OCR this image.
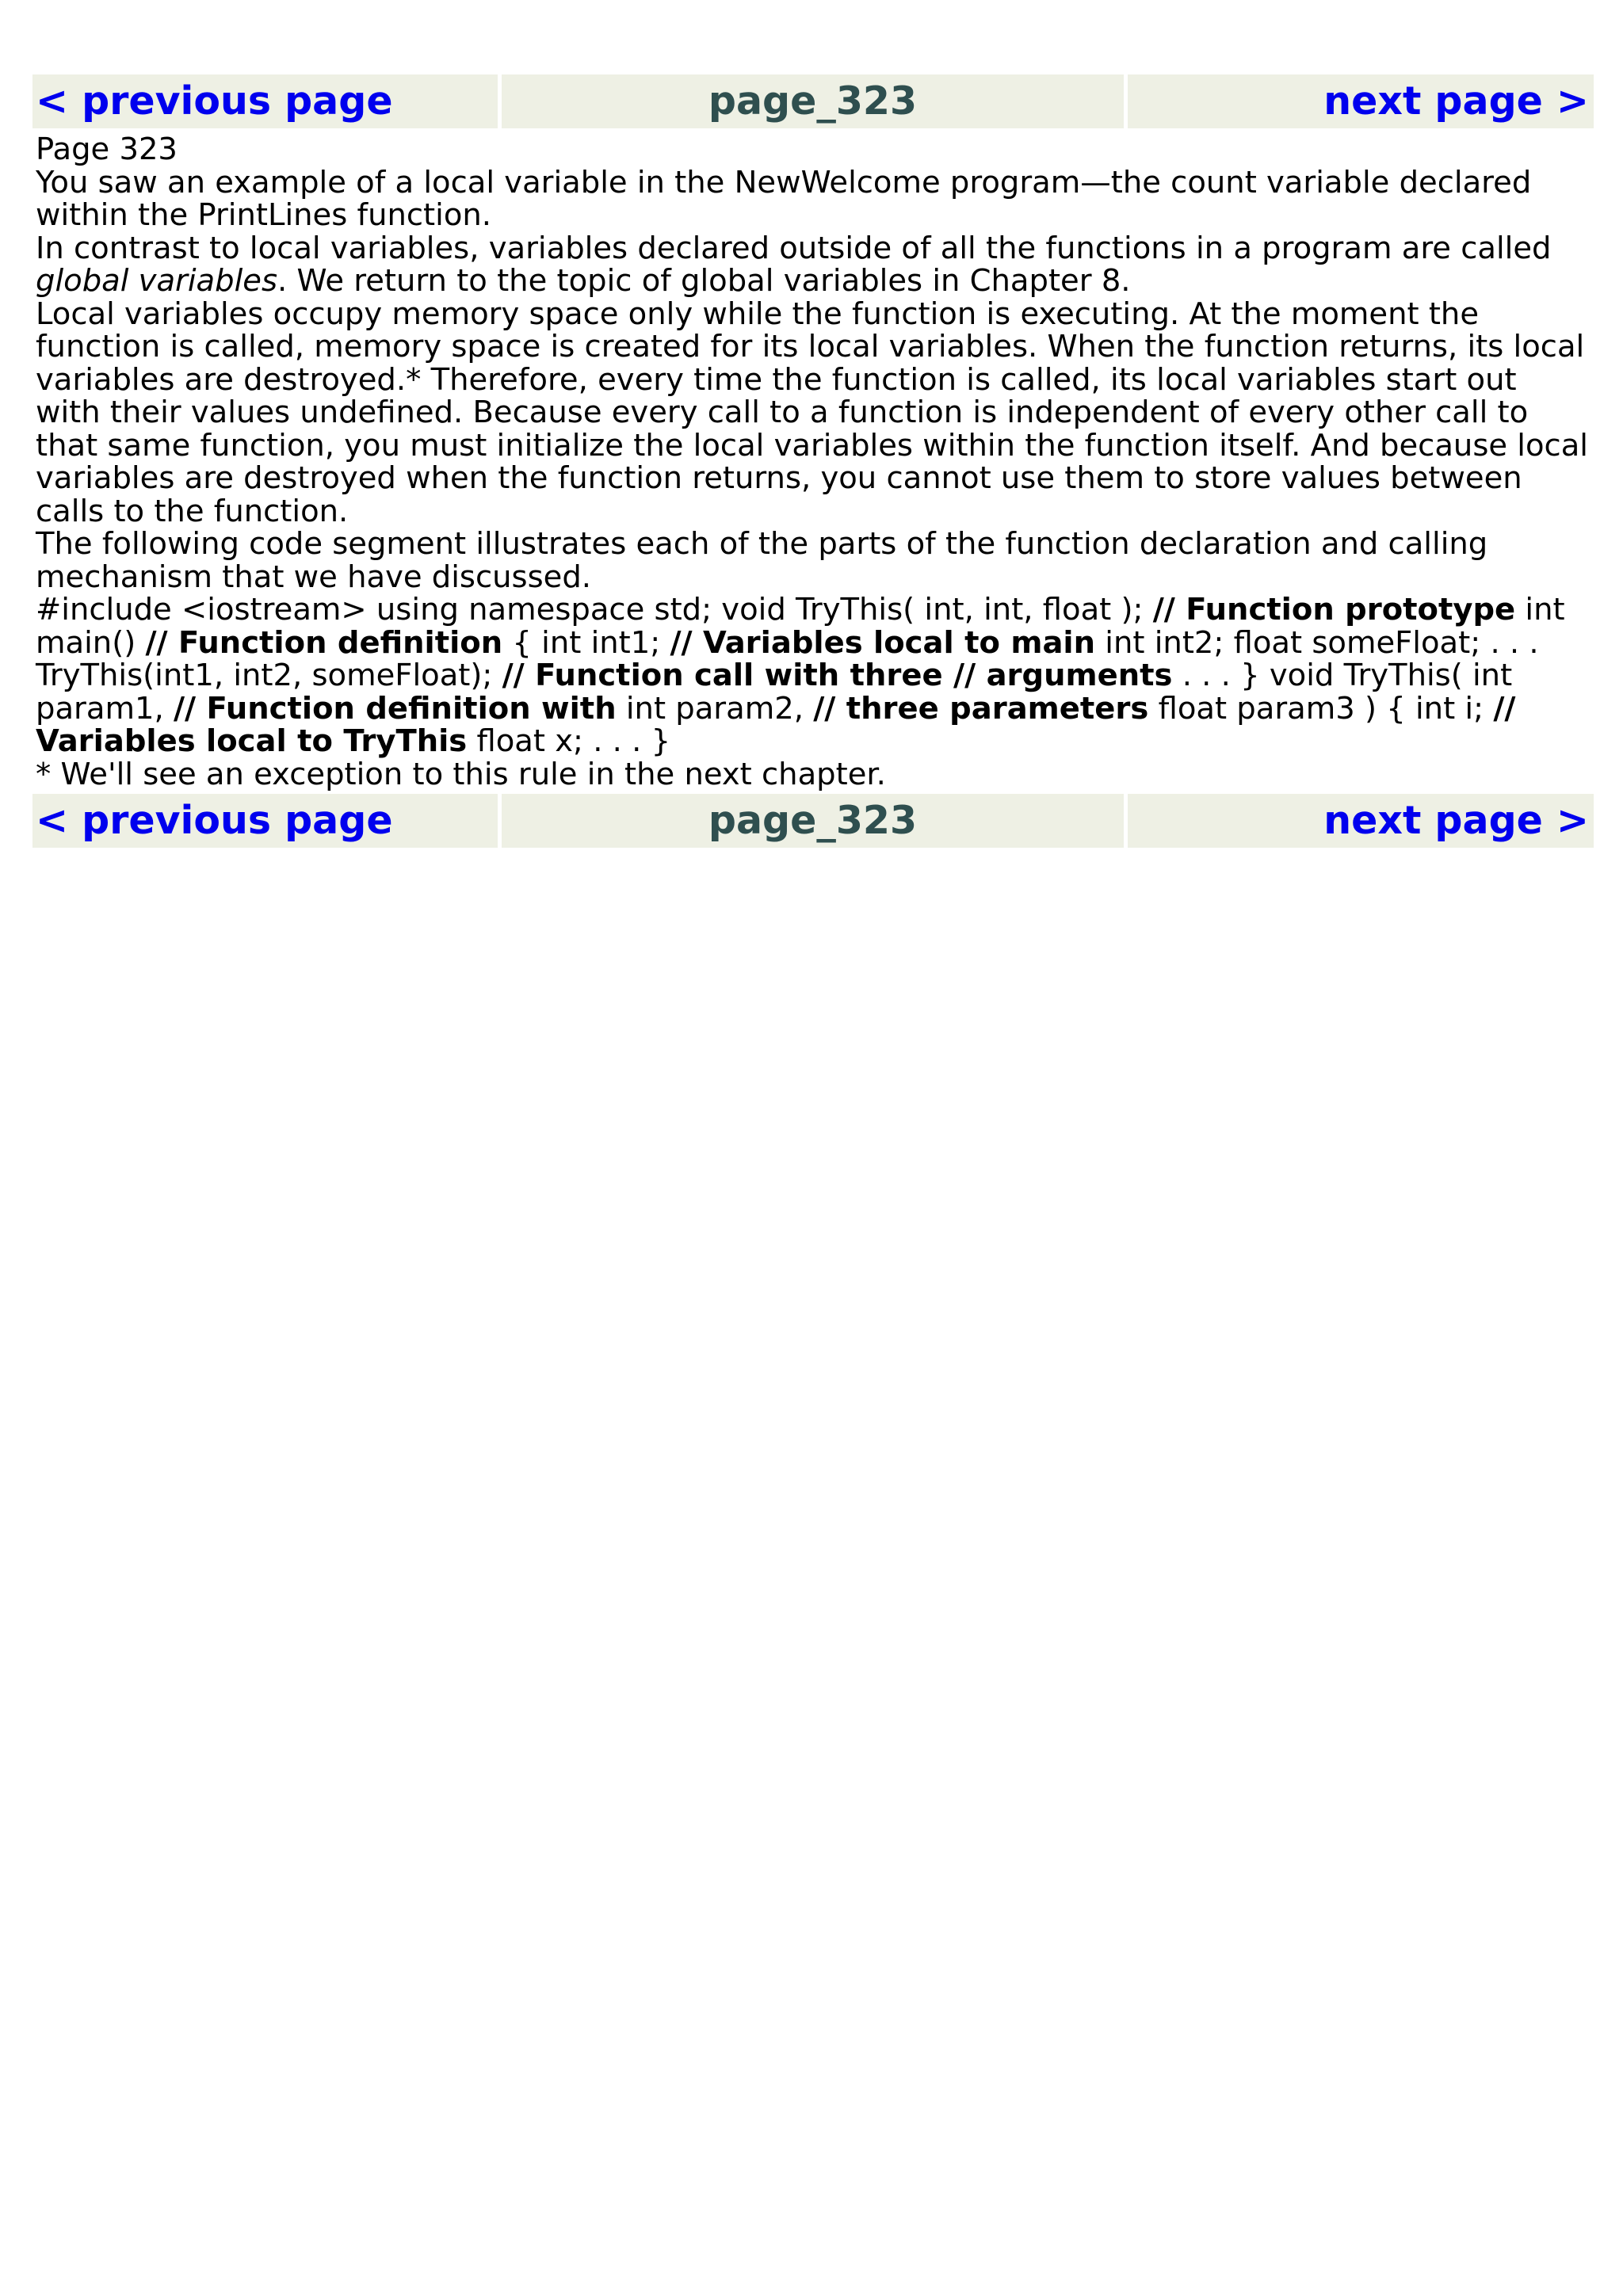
< previous page	page_323	next page >

Page 323

You saw an example of a local variable in the NewWelcome program—the count variable declared within the PrintLines function.

In contrast to local variables, variables declared outside of all the functions in a program are called global variables. We return to the topic of global variables in Chapter 8.

Local variables occupy memory space only while the function is executing. At the moment the function is called, memory space is created for its local variables. When the function returns, its local variables are destroyed.* Therefore, every time the function is called, its local variables start out with their values undefined. Because every call to a function is independent of every other call to that same function, you must initialize the local variables within the function itself. And because local variables are destroyed when the function returns, you cannot use them to store values between calls to the function.

The following code segment illustrates each of the parts of the function declaration and calling mechanism that we have discussed.

#include <iostream> using namespace std; void TryThis( int, int, float ); // Function prototype int main() // Function definition { int int1; // Variables local to main int int2; float someFloat; . . . TryThis(int1, int2, someFloat); // Function call with three // arguments . . . } void TryThis( int param1, // Function definition with int param2, // three parameters float param3 ) { int i; // Variables local to TryThis float x; . . . }

* We'll see an exception to this rule in the next chapter.

< previous page	page_323	next page >
